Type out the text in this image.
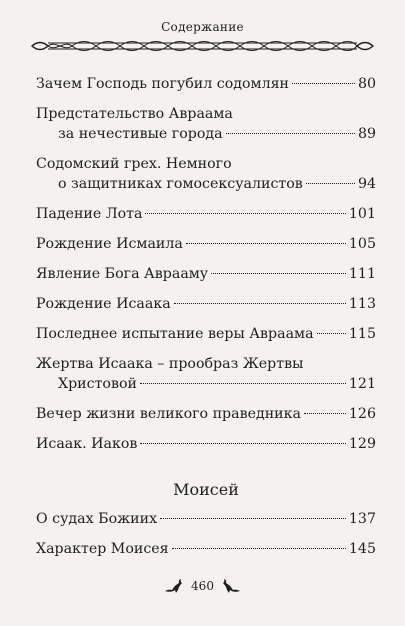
Содержание
Зачем Господь погубил содомлян	80
Предстательство Авраама
за нечестивые города	89
Содомский грех. Немного
о защитниках гомосексуалистов	94
Падение Лота	101
Рождение Исмаила	105
Явление Бога Аврааму	111
Рождение Исаака	113
Последнее испытание веры Авраама 115
Жертва Исаака – прообраз Жертвы
Христовой	121
Вечер жизни великого праведника	126
Исаак. Иаков	129
Моисей
О судах Божиих	137
Характер Моисея	145
460
